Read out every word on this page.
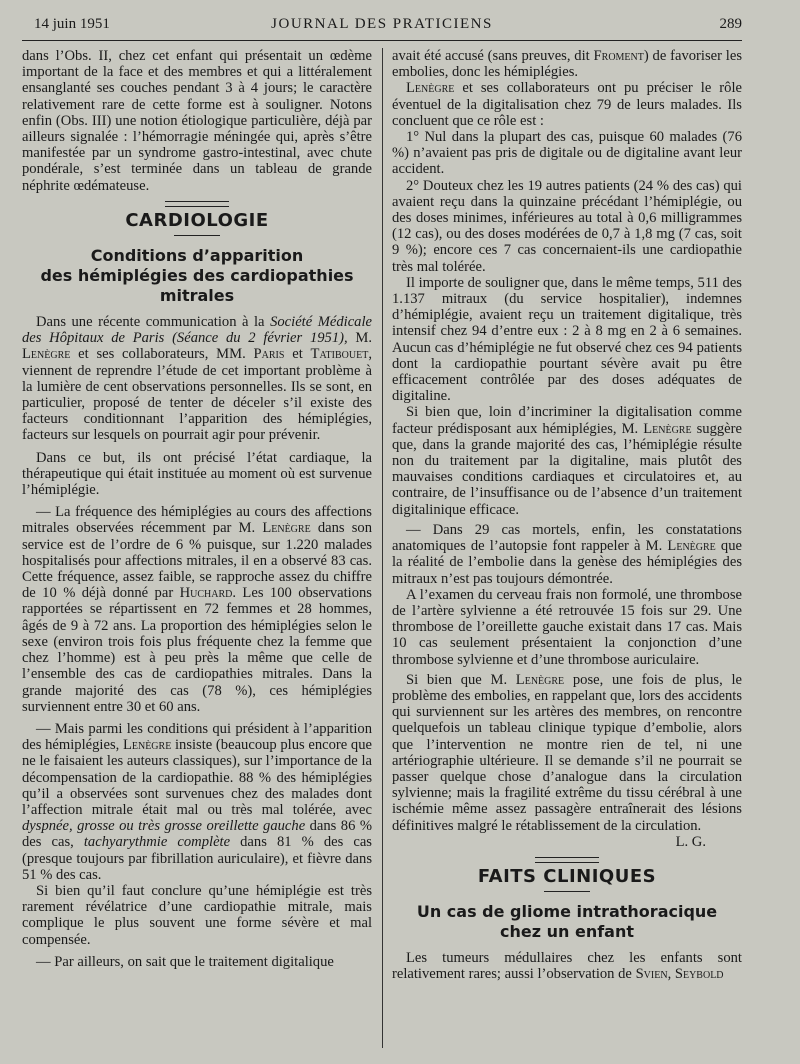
14 juin 1951	JOURNAL DES PRATICIENS	289

dans l’Obs. II, chez cet enfant qui présentait un œdème important de la face et des membres et qui a littéralement ensanglanté ses couches pendant 3 à 4 jours; le caractère relativement rare de cette forme est à souligner. Notons enfin (Obs. III) une notion étiologique particulière, déjà par ailleurs signalée : l’hémorragie méningée qui, après s’être manifestée par un syndrome gastro-intestinal, avec chute pondérale, s’est terminée dans un tableau de grande néphrite œdémateuse.

CARDIOLOGIE
Conditions d’apparition
des hémiplégies des cardiopathies mitrales

Dans une récente communication à la Société Médicale des Hôpitaux de Paris (Séance du 2 février 1951), M. Lenègre et ses collaborateurs, MM. Paris et Tatibouet, viennent de reprendre l’étude de cet important problème à la lumière de cent observations personnelles. Ils se sont, en particulier, proposé de tenter de déceler s’il existe des facteurs conditionnant l’apparition des hémiplégies, facteurs sur lesquels on pourrait agir pour prévenir.

Dans ce but, ils ont précisé l’état cardiaque, la thérapeutique qui était instituée au moment où est survenue l’hémiplégie.

— La fréquence des hémiplégies au cours des affections mitrales observées récemment par M. Lenègre dans son service est de l’ordre de 6 % puisque, sur 1.220 malades hospitalisés pour affections mitrales, il en a observé 83 cas. Cette fréquence, assez faible, se rapproche assez du chiffre de 10 % déjà donné par Huchard. Les 100 observations rapportées se répartissent en 72 femmes et 28 hommes, âgés de 9 à 72 ans. La proportion des hémiplégies selon le sexe (environ trois fois plus fréquente chez la femme que chez l’homme) est à peu près la même que celle de l’ensemble des cas de cardiopathies mitrales. Dans la grande majorité des cas (78 %), ces hémiplégies surviennent entre 30 et 60 ans.

— Mais parmi les conditions qui président à l’apparition des hémiplégies, Lenègre insiste (beaucoup plus encore que ne le faisaient les auteurs classiques), sur l’importance de la décompensation de la cardiopathie. 88 % des hémiplégies qu’il a observées sont survenues chez des malades dont l’affection mitrale était mal ou très mal tolérée, avec dyspnée, grosse ou très grosse oreillette gauche dans 86 % des cas, tachyarythmie complète dans 81 % des cas (presque toujours par fibrillation auriculaire), et fièvre dans 51 % des cas.

Si bien qu’il faut conclure qu’une hémiplégie est très rarement révélatrice d’une cardiopathie mitrale, mais complique le plus souvent une forme sévère et mal compensée.

— Par ailleurs, on sait que le traitement digitalique

avait été accusé (sans preuves, dit Froment) de favoriser les embolies, donc les hémiplégies.

Lenègre et ses collaborateurs ont pu préciser le rôle éventuel de la digitalisation chez 79 de leurs malades. Ils concluent que ce rôle est :

1° Nul dans la plupart des cas, puisque 60 malades (76 %) n’avaient pas pris de digitale ou de digitaline avant leur accident.

2° Douteux chez les 19 autres patients (24 % des cas) qui avaient reçu dans la quinzaine précédant l’hémiplégie, ou des doses minimes, inférieures au total à 0,6 milligrammes (12 cas), ou des doses modérées de 0,7 à 1,8 mg (7 cas, soit 9 %); encore ces 7 cas concernaient-ils une cardiopathie très mal tolérée.

Il importe de souligner que, dans le même temps, 511 des 1.137 mitraux (du service hospitalier), indemnes d’hémiplégie, avaient reçu un traitement digitalique, très intensif chez 94 d’entre eux : 2 à 8 mg en 2 à 6 semaines. Aucun cas d’hémiplégie ne fut observé chez ces 94 patients dont la cardiopathie pourtant sévère avait pu être efficacement contrôlée par des doses adéquates de digitaline.

Si bien que, loin d’incriminer la digitalisation comme facteur prédisposant aux hémiplégies, M. Lenègre suggère que, dans la grande majorité des cas, l’hémiplégie résulte non du traitement par la digitaline, mais plutôt des mauvaises conditions cardiaques et circulatoires et, au contraire, de l’insuffisance ou de l’absence d’un traitement digitalinique efficace.

— Dans 29 cas mortels, enfin, les constatations anatomiques de l’autopsie font rappeler à M. Lenègre que la réalité de l’embolie dans la genèse des hémiplégies des mitraux n’est pas toujours démontrée.

A l’examen du cerveau frais non formolé, une thrombose de l’artère sylvienne a été retrouvée 15 fois sur 29. Une thrombose de l’oreillette gauche existait dans 17 cas. Mais 10 cas seulement présentaient la conjonction d’une thrombose sylvienne et d’une thrombose auriculaire.

Si bien que M. Lenègre pose, une fois de plus, le problème des embolies, en rappelant que, lors des accidents qui surviennent sur les artères des membres, on rencontre quelquefois un tableau clinique typique d’embolie, alors que l’intervention ne montre rien de tel, ni une artériographie ultérieure. Il se demande s’il ne pourrait se passer quelque chose d’analogue dans la circulation sylvienne; mais la fragilité extrême du tissu cérébral à une ischémie même assez passagère entraînerait des lésions définitives malgré le rétablissement de la circulation.

L. G.
FAITS CLINIQUES
Un cas de gliome intrathoracique
chez un enfant

Les tumeurs médullaires chez les enfants sont relativement rares; aussi l’observation de Svien, Seybold
